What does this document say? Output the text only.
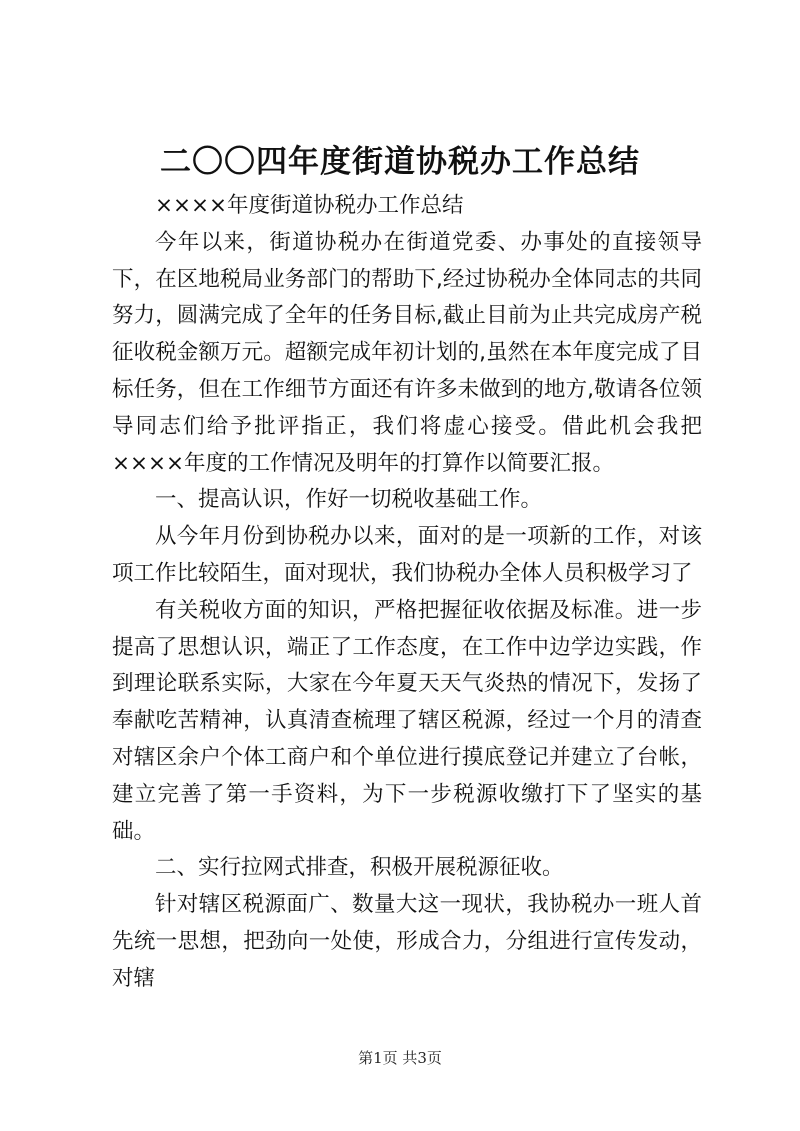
二〇〇四年度街道协税办工作总结

××××年度街道协税办工作总结

今年以来，街道协税办在街道党委、办事处的直接领导下，在区地税局业务部门的帮助下,经过协税办全体同志的共同努力，圆满完成了全年的任务目标,截止目前为止共完成房产税征收税金额万元。超额完成年初计划的,虽然在本年度完成了目标任务，但在工作细节方面还有许多未做到的地方,敬请各位领导同志们给予批评指正，我们将虚心接受。借此机会我把××××年度的工作情况及明年的打算作以简要汇报。

一、提高认识，作好一切税收基础工作。

从今年月份到协税办以来，面对的是一项新的工作，对该项工作比较陌生，面对现状，我们协税办全体人员积极学习了

有关税收方面的知识，严格把握征收依据及标准。进一步提高了思想认识，端正了工作态度，在工作中边学边实践，作到理论联系实际，大家在今年夏天天气炎热的情况下，发扬了奉献吃苦精神，认真清查梳理了辖区税源，经过一个月的清查对辖区余户个体工商户和个单位进行摸底登记并建立了台帐，建立完善了第一手资料，为下一步税源收缴打下了坚实的基础。

二、实行拉网式排查，积极开展税源征收。

针对辖区税源面广、数量大这一现状，我协税办一班人首先统一思想，把劲向一处使，形成合力，分组进行宣传发动，对辖

第1页 共3页
